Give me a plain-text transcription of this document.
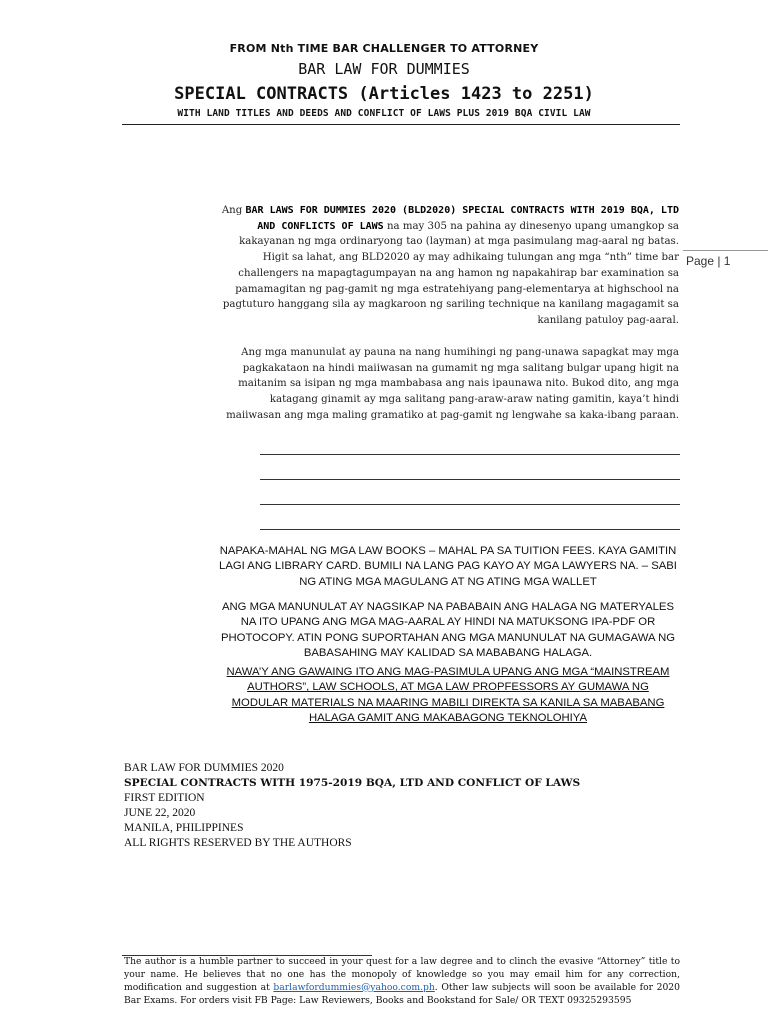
FROM Nth TIME BAR CHALLENGER TO ATTORNEY
BAR LAW FOR DUMMIES
SPECIAL CONTRACTS (Articles 1423 to 2251)
WITH LAND TITLES AND DEEDS AND CONFLICT OF LAWS PLUS 2019 BQA CIVIL LAW
Page | 1
Ang BAR LAWS FOR DUMMIES 2020 (BLD2020) SPECIAL CONTRACTS WITH 2019 BQA, LTD AND CONFLICTS OF LAWS na may 305 na pahina ay dinesenyo upang umangkop sa kakayanan ng mga ordinaryong tao (layman) at mga pasimulang mag-aaral ng batas. Higit sa lahat, ang BLD2020 ay may adhikaing tulungan ang mga “nth” time bar challengers na mapagtagumpayan na ang hamon ng napakahirap bar examination sa pamamagitan ng pag-gamit ng mga estratehiyang pang-elementarya at highschool na pagtuturo hanggang sila ay magkaroon ng sariling technique na kanilang magagamit sa kanilang patuloy pag-aaral.
Ang mga manunulat ay pauna na nang humihingi ng pang-unawa sapagkat may mga pagkakataon na hindi maiiwasan na gumamit ng mga salitang bulgar upang higit na maitanim sa isipan ng mga mambabasa ang nais ipaunawa nito. Bukod dito, ang mga katagang ginamit ay mga salitang pang-araw-araw nating gamitin, kaya’t hindi maiiwasan ang mga maling gramatiko at pag-gamit ng lengwahe sa kaka-ibang paraan.
NAPAKA-MAHAL NG MGA LAW BOOKS – MAHAL PA SA TUITION FEES. KAYA GAMITIN LAGI ANG LIBRARY CARD. BUMILI NA LANG PAG KAYO AY MGA LAWYERS NA. – SABI NG ATING MGA MAGULANG AT NG ATING MGA WALLET
ANG MGA MANUNULAT AY NAGSIKAP NA PABABAIN ANG HALAGA NG MATERYALES NA ITO UPANG ANG MGA MAG-AARAL AY HINDI NA MATUKSONG IPA-PDF OR PHOTOCOPY. ATIN PONG SUPORTAHAN ANG MGA MANUNULAT NA GUMAGAWA NG BABASAHING MAY KALIDAD SA MABABANG HALAGA.
NAWA’Y ANG GAWAING ITO ANG MAG-PASIMULA UPANG ANG MGA “MAINSTREAM AUTHORS”, LAW SCHOOLS, AT MGA LAW PROPFESSORS AY GUMAWA NG MODULAR MATERIALS NA MAARING MABILI DIREKTA SA KANILA SA MABABANG HALAGA GAMIT ANG MAKABAGONG TEKNOLOHIYA
BAR LAW FOR DUMMIES 2020
SPECIAL CONTRACTS WITH 1975-2019 BQA, LTD AND CONFLICT OF LAWS
FIRST EDITION
JUNE 22, 2020
MANILA, PHILIPPINES
ALL RIGHTS RESERVED BY THE AUTHORS
The author is a humble partner to succeed in your quest for a law degree and to clinch the evasive “Attorney” title to your name. He believes that no one has the monopoly of knowledge so you may email him for any correction, modification and suggestion at barlawfordummies@yahoo.com.ph. Other law subjects will soon be available for 2020 Bar Exams. For orders visit FB Page: Law Reviewers, Books and Bookstand for Sale/ OR TEXT 09325293595
